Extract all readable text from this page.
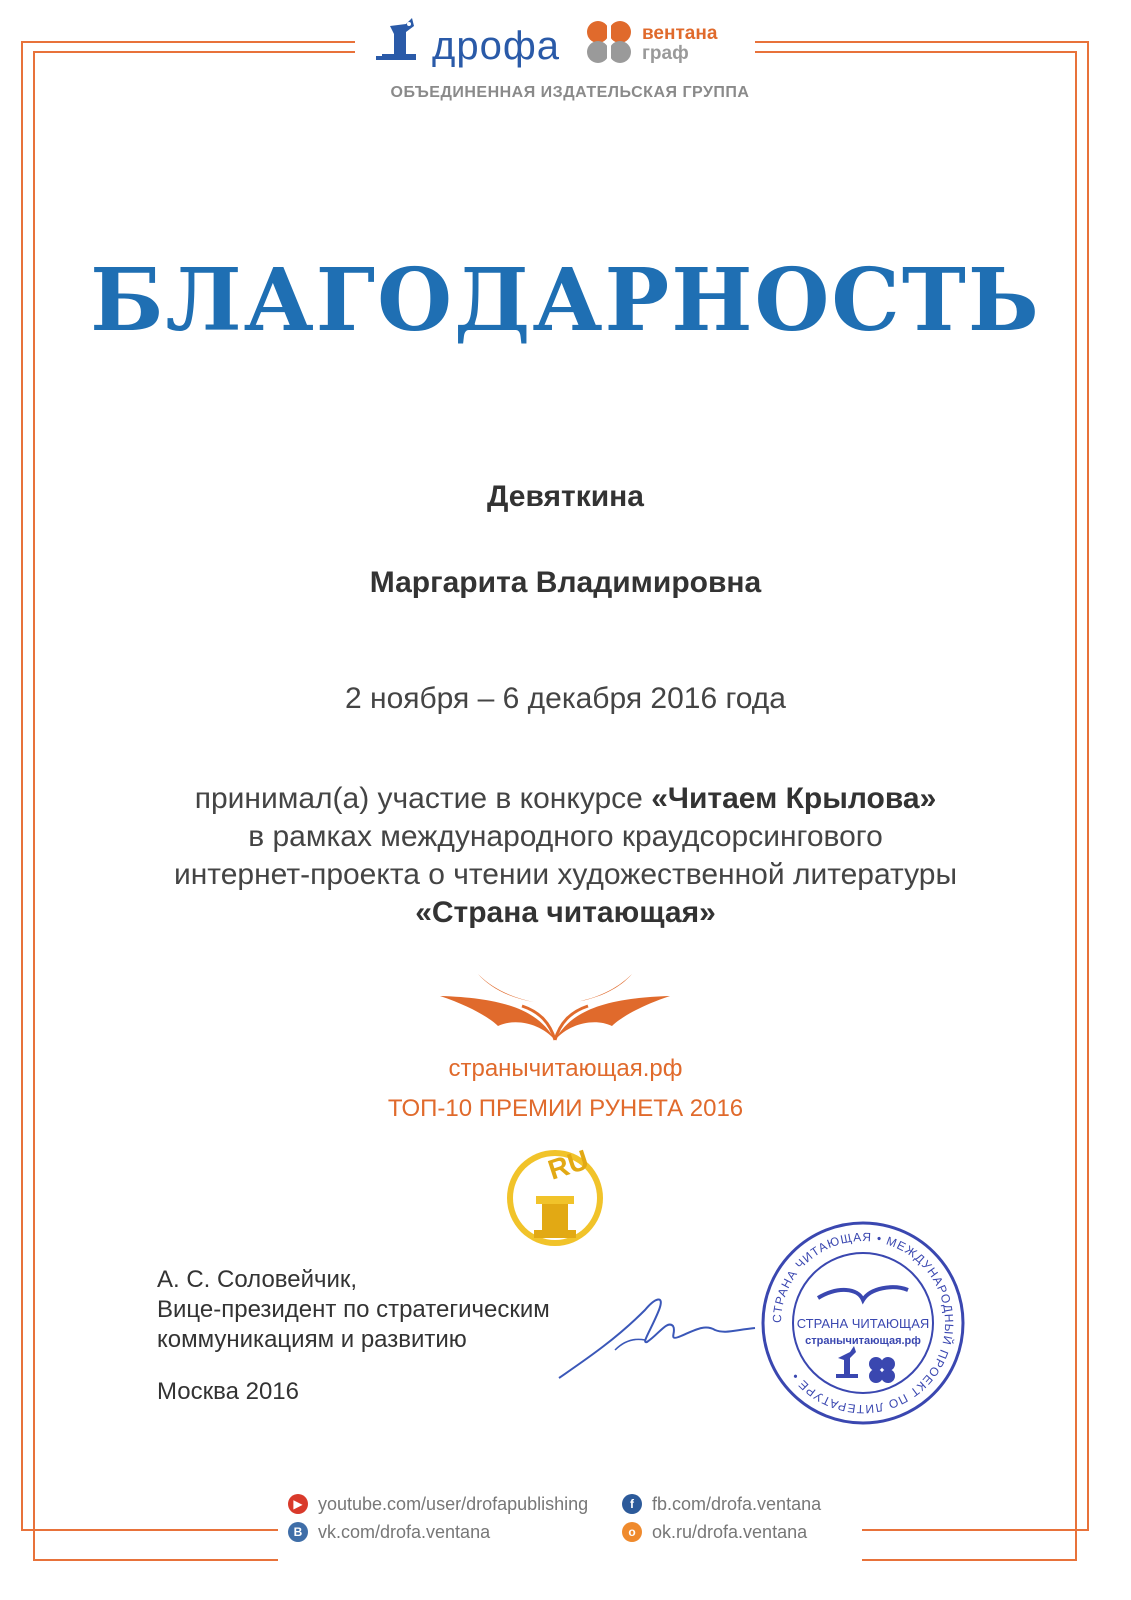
дрофа	вентана
граф
ОБЪЕДИНЕННАЯ ИЗДАТЕЛЬСКАЯ ГРУППА
БЛАГОДАРНОСТЬ
Девяткина
Маргарита Владимировна
2 ноября – 6 декабря 2016 года
принимал(а) участие в конкурсе «Читаем Крылова»
в рамках международного краудсорсингового
интернет-проекта о чтении художественной литературы
«Страна читающая»
странычитающая.рф
ТОП-10 ПРЕМИИ РУНЕТА 2016
RU
А. С. Соловейчик,
Вице-президент по стратегическим
коммуникациям и развитию
Москва 2016
СТРАНА ЧИТАЮЩАЯ • МЕЖДУНАРОДНЫЙ ПРОЕКТ ПО ЛИТЕРАТУРЕ •
СТРАНА ЧИТАЮЩАЯ
странычитающая.рф
▶ youtube.com/user/drofapublishing
B vk.com/drofa.ventana
f	fb.com/drofa.ventana
o ok.ru/drofa.ventana
